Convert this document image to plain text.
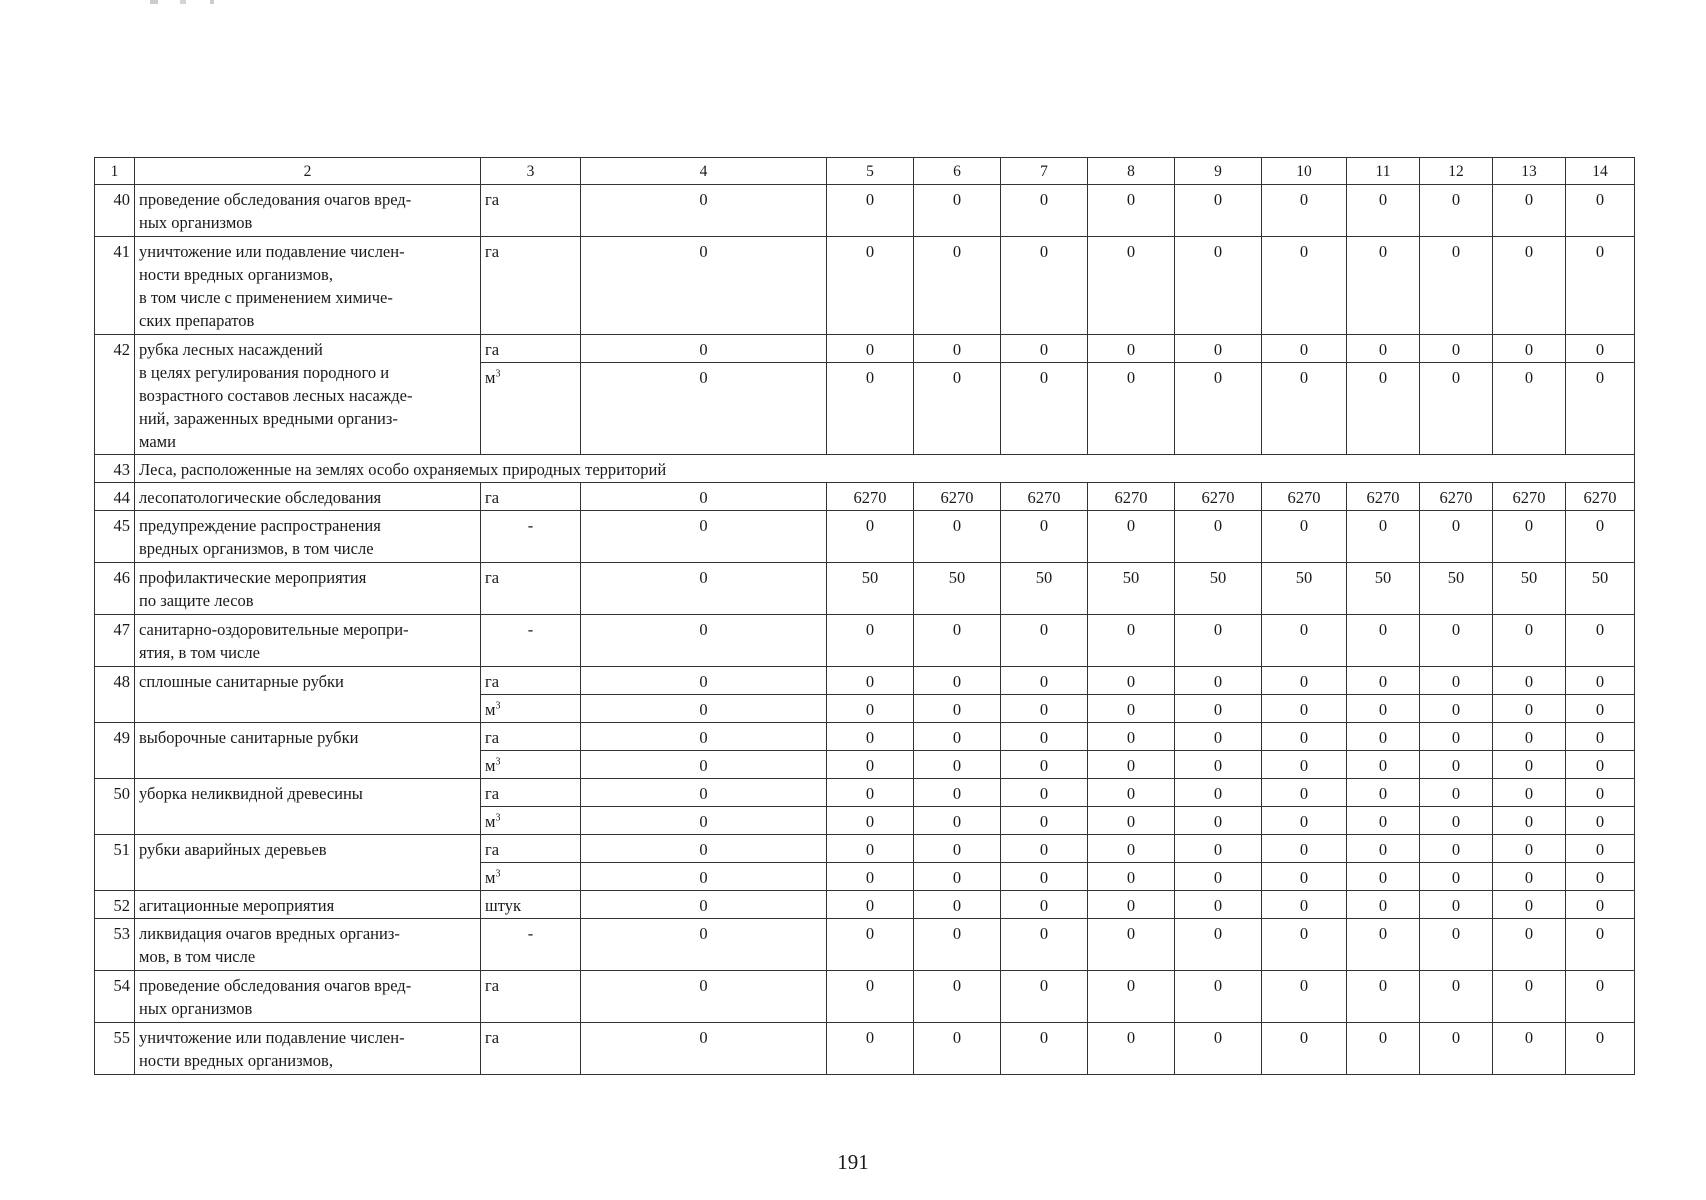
1	2	3	4	5	6	7	8	9	10	11	12	13	14
40	проведение обследования очагов вред-
ных организмов	га	0	0	0	0	0	0	0	0	0	0	0
41	уничтожение или подавление числен-
ности вредных организмов,
в том числе с применением химиче-
ских препаратов	га	0	0	0	0	0	0	0	0	0	0	0
42	рубка лесных насаждений
в целях регулирования породного и
возрастного составов лесных насажде-
ний, зараженных вредными организ-
мами	га	0	0	0	0	0	0	0	0	0	0	0
		$м^3$	0	0	0	0	0	0	0	0	0	0	0
43	Леса, расположенные на землях особо охраняемых природных территорий												
44	лесопатологические обследования	га	0	6270	6270	6270	6270	6270	6270	6270	6270	6270	6270
45	предупреждение распространения
вредных организмов, в том числе	-	0	0	0	0	0	0	0	0	0	0	0
46	профилактические мероприятия
по защите лесов	га	0	50	50	50	50	50	50	50	50	50	50
47	санитарно-оздоровительные меропри-
ятия, в том числе	-	0	0	0	0	0	0	0	0	0	0	0
48	сплошные санитарные рубки	га	0	0	0	0	0	0	0	0	0	0	0
		$м^3$	0	0	0	0	0	0	0	0	0	0	0
49	выборочные санитарные рубки	га	0	0	0	0	0	0	0	0	0	0	0
		$м^3$	0	0	0	0	0	0	0	0	0	0	0
50	уборка неликвидной древесины	га	0	0	0	0	0	0	0	0	0	0	0
		$м^3$	0	0	0	0	0	0	0	0	0	0	0
51	рубки аварийных деревьев	га	0	0	0	0	0	0	0	0	0	0	0
		$м^3$	0	0	0	0	0	0	0	0	0	0	0
52	агитационные мероприятия	штук	0	0	0	0	0	0	0	0	0	0	0
53	ликвидация очагов вредных организ-
мов, в том числе	-	0	0	0	0	0	0	0	0	0	0	0
54	проведение обследования очагов вред-
ных организмов	га	0	0	0	0	0	0	0	0	0	0	0
55	уничтожение или подавление числен-
ности вредных организмов,	га	0	0	0	0	0	0	0	0	0	0	0
191
